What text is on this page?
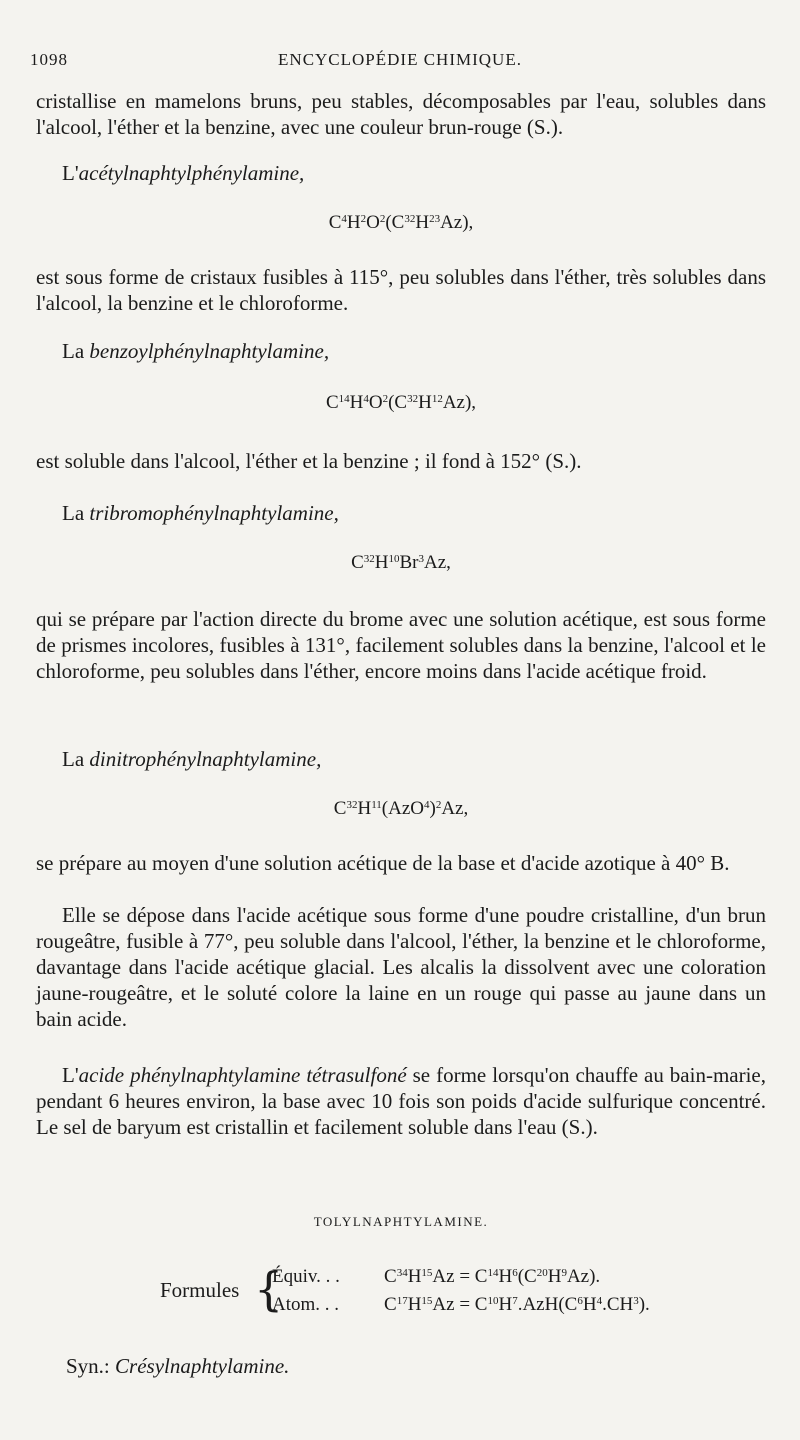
1098	ENCYCLOPÉDIE CHIMIQUE.

cristallise en mamelons bruns, peu stables, décomposables par l'eau, solubles dans l'alcool, l'éther et la benzine, avec une couleur brun-rouge (S.).

L'acétylnaphtylphénylamine,

$C^4H^2O^2(C^{32}H^{23}Az)$,

est sous forme de cristaux fusibles à 115°, peu solubles dans l'éther, très solubles dans l'alcool, la benzine et le chloroforme.

La benzoylphénylnaphtylamine,

$C^{14}H^4O^2(C^{32}H^{12}Az)$,

est soluble dans l'alcool, l'éther et la benzine ; il fond à 152° (S.).

La tribromophénylnaphtylamine,

$C^{32}H^{10}Br^3Az$,

qui se prépare par l'action directe du brome avec une solution acétique, est sous forme de prismes incolores, fusibles à 131°, facilement solubles dans la benzine, l'alcool et le chloroforme, peu solubles dans l'éther, encore moins dans l'acide acétique froid.

La dinitrophénylnaphtylamine,

$C^{32}H^{11}(AzO^4)^2Az$,

se prépare au moyen d'une solution acétique de la base et d'acide azotique à 40° B.

Elle se dépose dans l'acide acétique sous forme d'une poudre cristalline, d'un brun rougeâtre, fusible à 77°, peu soluble dans l'alcool, l'éther, la benzine et le chloroforme, davantage dans l'acide acétique glacial. Les alcalis la dissolvent avec une coloration jaune-rougeâtre, et le soluté colore la laine en un rouge qui passe au jaune dans un bain acide.

L'acide phénylnaphtylamine tétrasulfoné se forme lorsqu'on chauffe au bain-marie, pendant 6 heures environ, la base avec 10 fois son poids d'acide sulfurique concentré. Le sel de baryum est cristallin et facilement soluble dans l'eau (S.).

TOLYLNAPHTYLAMINE.

Formules {
Équiv. . . $C^{34}H^{15}Az = C^{14}H^6(C^{20}H^9Az)$.
Atom. . . $C^{17}H^{15}Az = C^{10}H^7.AzH(C^6H^4.CH^3)$.

Syn.: Crésylnaphtylamine.
